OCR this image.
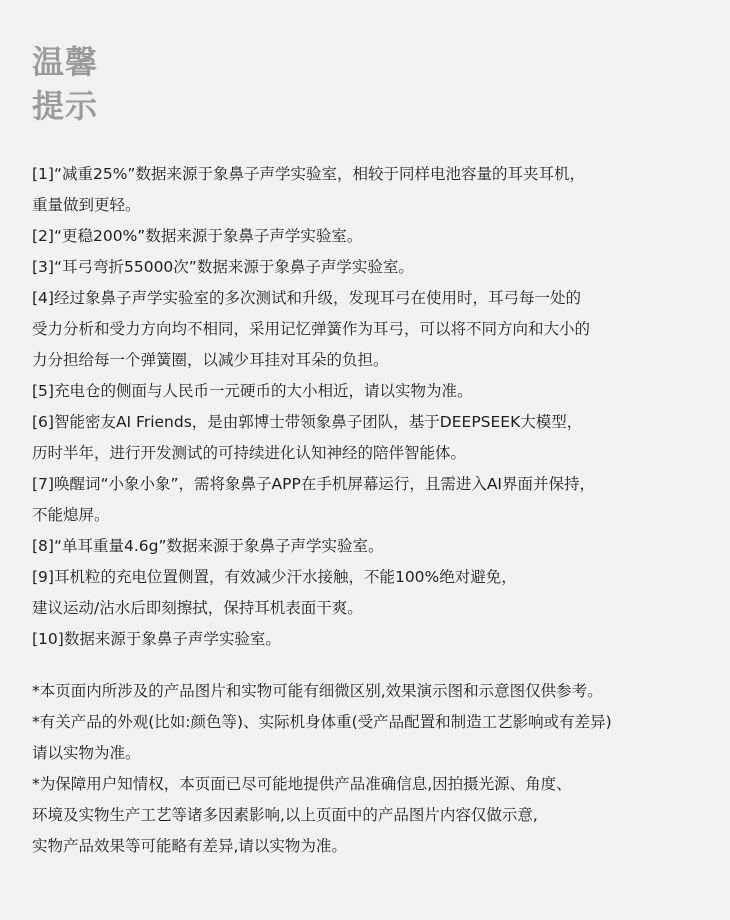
温馨
提示
[1]“减重25%”数据来源于象鼻子声学实验室，相较于同样电池容量的耳夹耳机，
重量做到更轻。
[2]“更稳200%”数据来源于象鼻子声学实验室。
[3]“耳弓弯折55000次”数据来源于象鼻子声学实验室。
[4]经过象鼻子声学实验室的多次测试和升级，发现耳弓在使用时，耳弓每一处的
受力分析和受力方向均不相同，采用记忆弹簧作为耳弓，可以将不同方向和大小的
力分担给每一个弹簧圈，以减少耳挂对耳朵的负担。
[5]充电仓的侧面与人民币一元硬币的大小相近，请以实物为准。
[6]智能密友AI Friends，是由郭博士带领象鼻子团队，基于DEEPSEEK大模型，
历时半年，进行开发测试的可持续进化认知神经的陪伴智能体。
[7]唤醒词“小象小象”，需将象鼻子APP在手机屏幕运行，且需进入AI界面并保持，
不能熄屏。
[8]“单耳重量4.6g”数据来源于象鼻子声学实验室。
[9]耳机粒的充电位置侧置，有效减少汗水接触，不能100%绝对避免，
建议运动/沾水后即刻擦拭，保持耳机表面干爽。
[10]数据来源于象鼻子声学实验室。
*本页面内所涉及的产品图片和实物可能有细微区别,效果演示图和示意图仅供参考。
*有关产品的外观(比如:颜色等)、实际机身体重(受产品配置和制造工艺影响或有差异)
请以实物为准。
*为保障用户知情权，本页面已尽可能地提供产品准确信息,因拍摄光源、角度、
环境及实物生产工艺等诸多因素影响,以上页面中的产品图片内容仅做示意,
实物产品效果等可能略有差异,请以实物为准。
